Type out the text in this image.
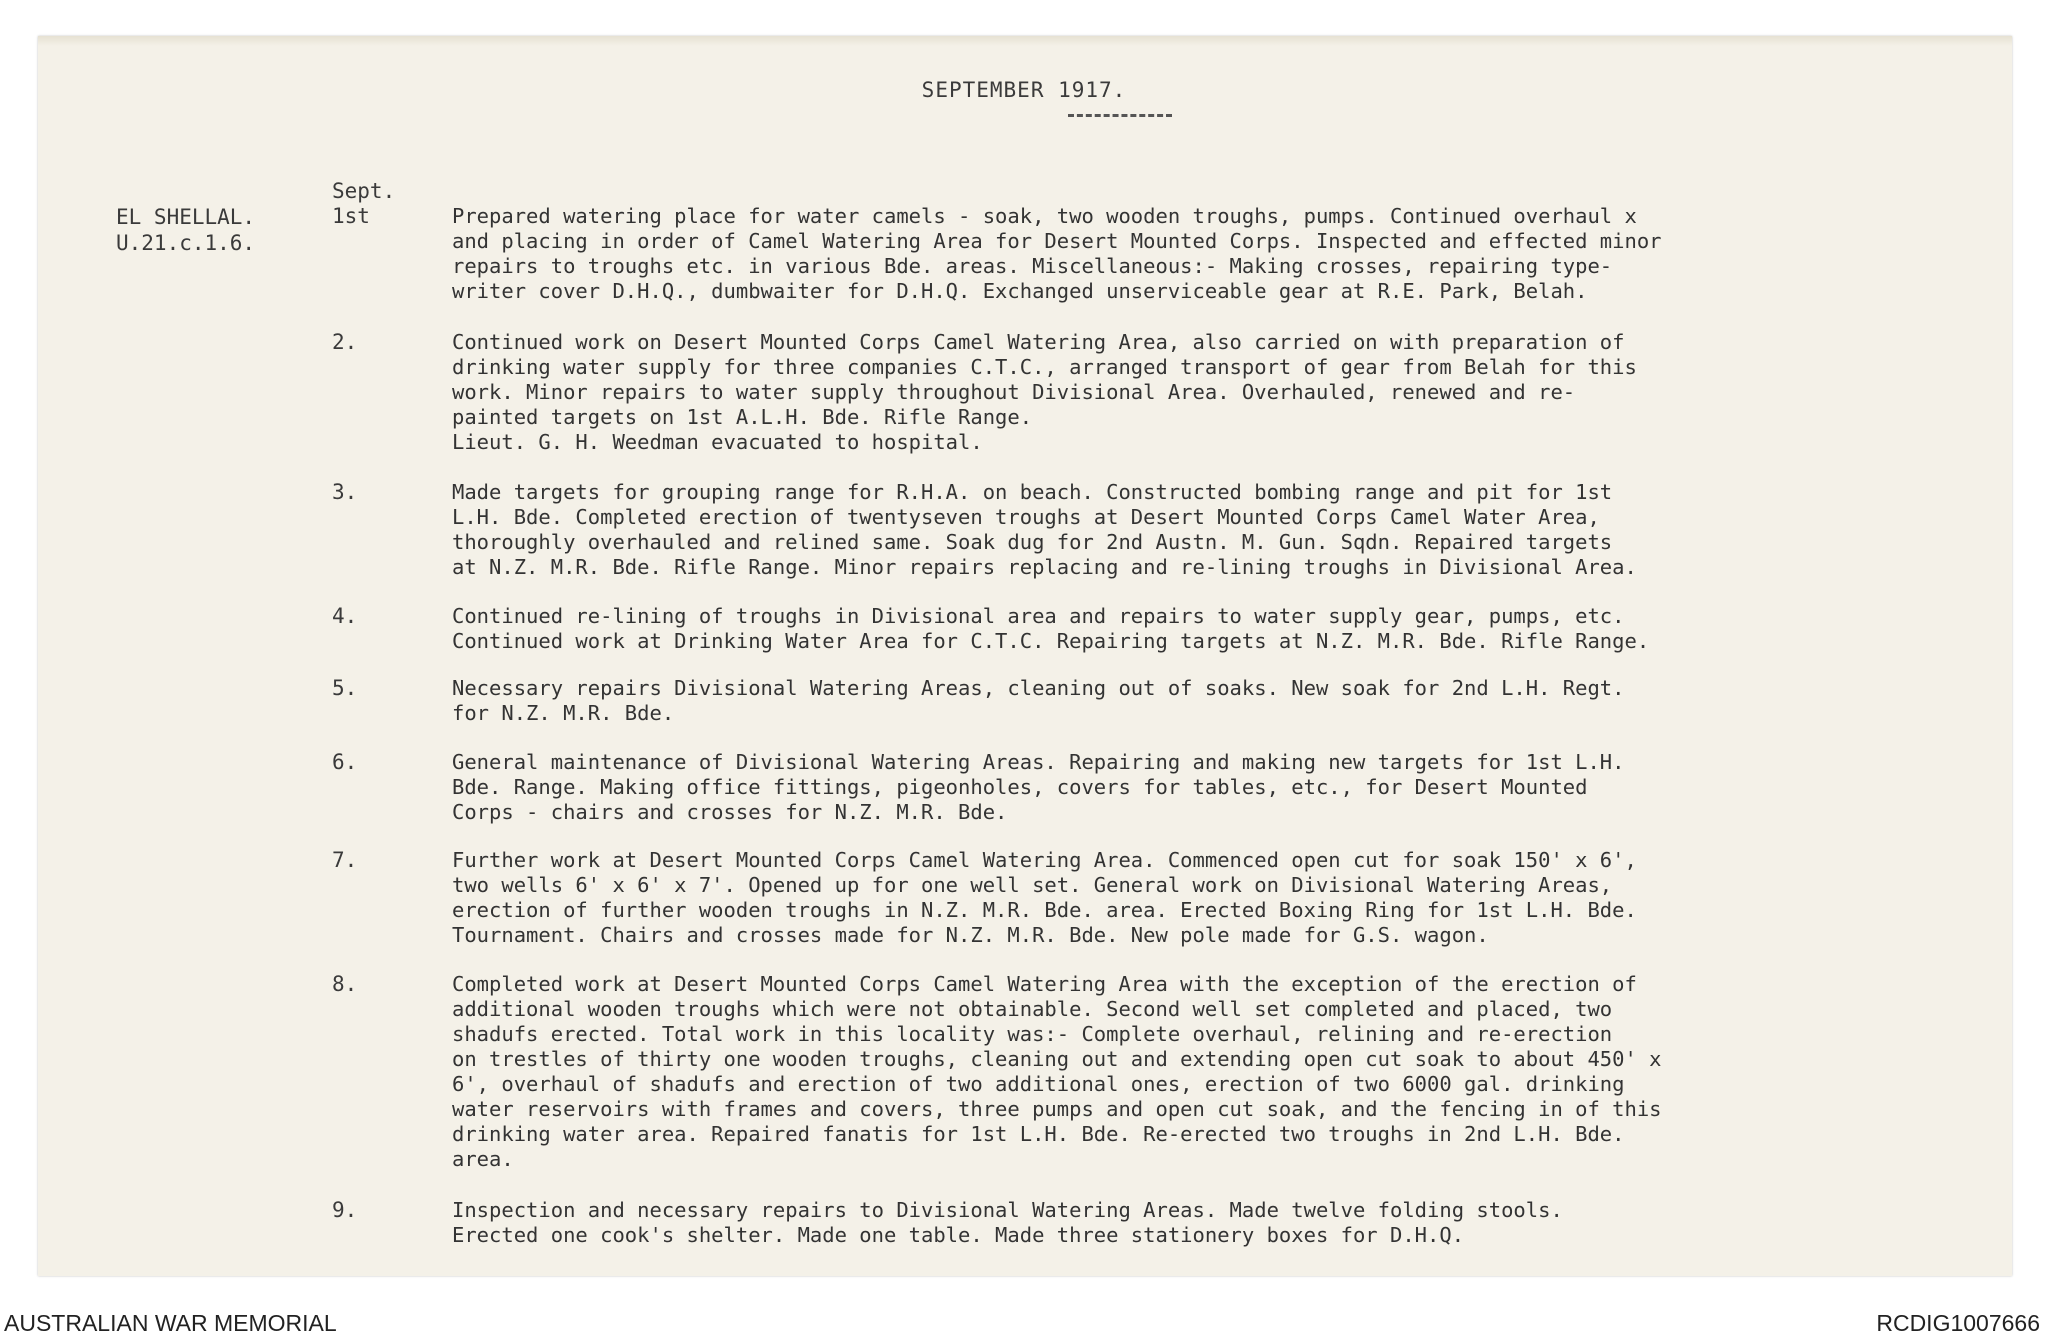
SEPTEMBER 1917.
EL SHELLAL.
U.21.c.1.6.
Sept.
1st	Prepared watering place for water camels - soak, two wooden troughs, pumps. Continued overhaul x
and placing in order of Camel Watering Area for Desert Mounted Corps. Inspected and effected minor
repairs to troughs etc. in various Bde. areas. Miscellaneous:- Making crosses, repairing type-
writer cover D.H.Q., dumbwaiter for D.H.Q. Exchanged unserviceable gear at R.E. Park, Belah.
2.	Continued work on Desert Mounted Corps Camel Watering Area, also carried on with preparation of
drinking water supply for three companies C.T.C., arranged transport of gear from Belah for this
work. Minor repairs to water supply throughout Divisional Area. Overhauled, renewed and re-
painted targets on 1st A.L.H. Bde. Rifle Range.
Lieut. G. H. Weedman evacuated to hospital.
3.	Made targets for grouping range for R.H.A. on beach. Constructed bombing range and pit for 1st
L.H. Bde. Completed erection of twentyseven troughs at Desert Mounted Corps Camel Water Area,
thoroughly overhauled and relined same. Soak dug for 2nd Austn. M. Gun. Sqdn. Repaired targets
at N.Z. M.R. Bde. Rifle Range. Minor repairs replacing and re-lining troughs in Divisional Area.
4.	Continued re-lining of troughs in Divisional area and repairs to water supply gear, pumps, etc.
Continued work at Drinking Water Area for C.T.C. Repairing targets at N.Z. M.R. Bde. Rifle Range.
5.	Necessary repairs Divisional Watering Areas, cleaning out of soaks. New soak for 2nd L.H. Regt.
for N.Z. M.R. Bde.
6.	General maintenance of Divisional Watering Areas. Repairing and making new targets for 1st L.H.
Bde. Range. Making office fittings, pigeonholes, covers for tables, etc., for Desert Mounted
Corps - chairs and crosses for N.Z. M.R. Bde.
7.	Further work at Desert Mounted Corps Camel Watering Area. Commenced open cut for soak 150' x 6',
two wells 6' x 6' x 7'. Opened up for one well set. General work on Divisional Watering Areas,
erection of further wooden troughs in N.Z. M.R. Bde. area. Erected Boxing Ring for 1st L.H. Bde.
Tournament. Chairs and crosses made for N.Z. M.R. Bde. New pole made for G.S. wagon.
8.	Completed work at Desert Mounted Corps Camel Watering Area with the exception of the erection of
additional wooden troughs which were not obtainable. Second well set completed and placed, two
shadufs erected. Total work in this locality was:- Complete overhaul, relining and re-erection
on trestles of thirty one wooden troughs, cleaning out and extending open cut soak to about 450' x
6', overhaul of shadufs and erection of two additional ones, erection of two 6000 gal. drinking
water reservoirs with frames and covers, three pumps and open cut soak, and the fencing in of this
drinking water area. Repaired fanatis for 1st L.H. Bde. Re-erected two troughs in 2nd L.H. Bde.
area.
9.	Inspection and necessary repairs to Divisional Watering Areas. Made twelve folding stools.
Erected one cook's shelter. Made one table. Made three stationery boxes for D.H.Q.
AUSTRALIAN WAR MEMORIAL	RCDIG1007666
